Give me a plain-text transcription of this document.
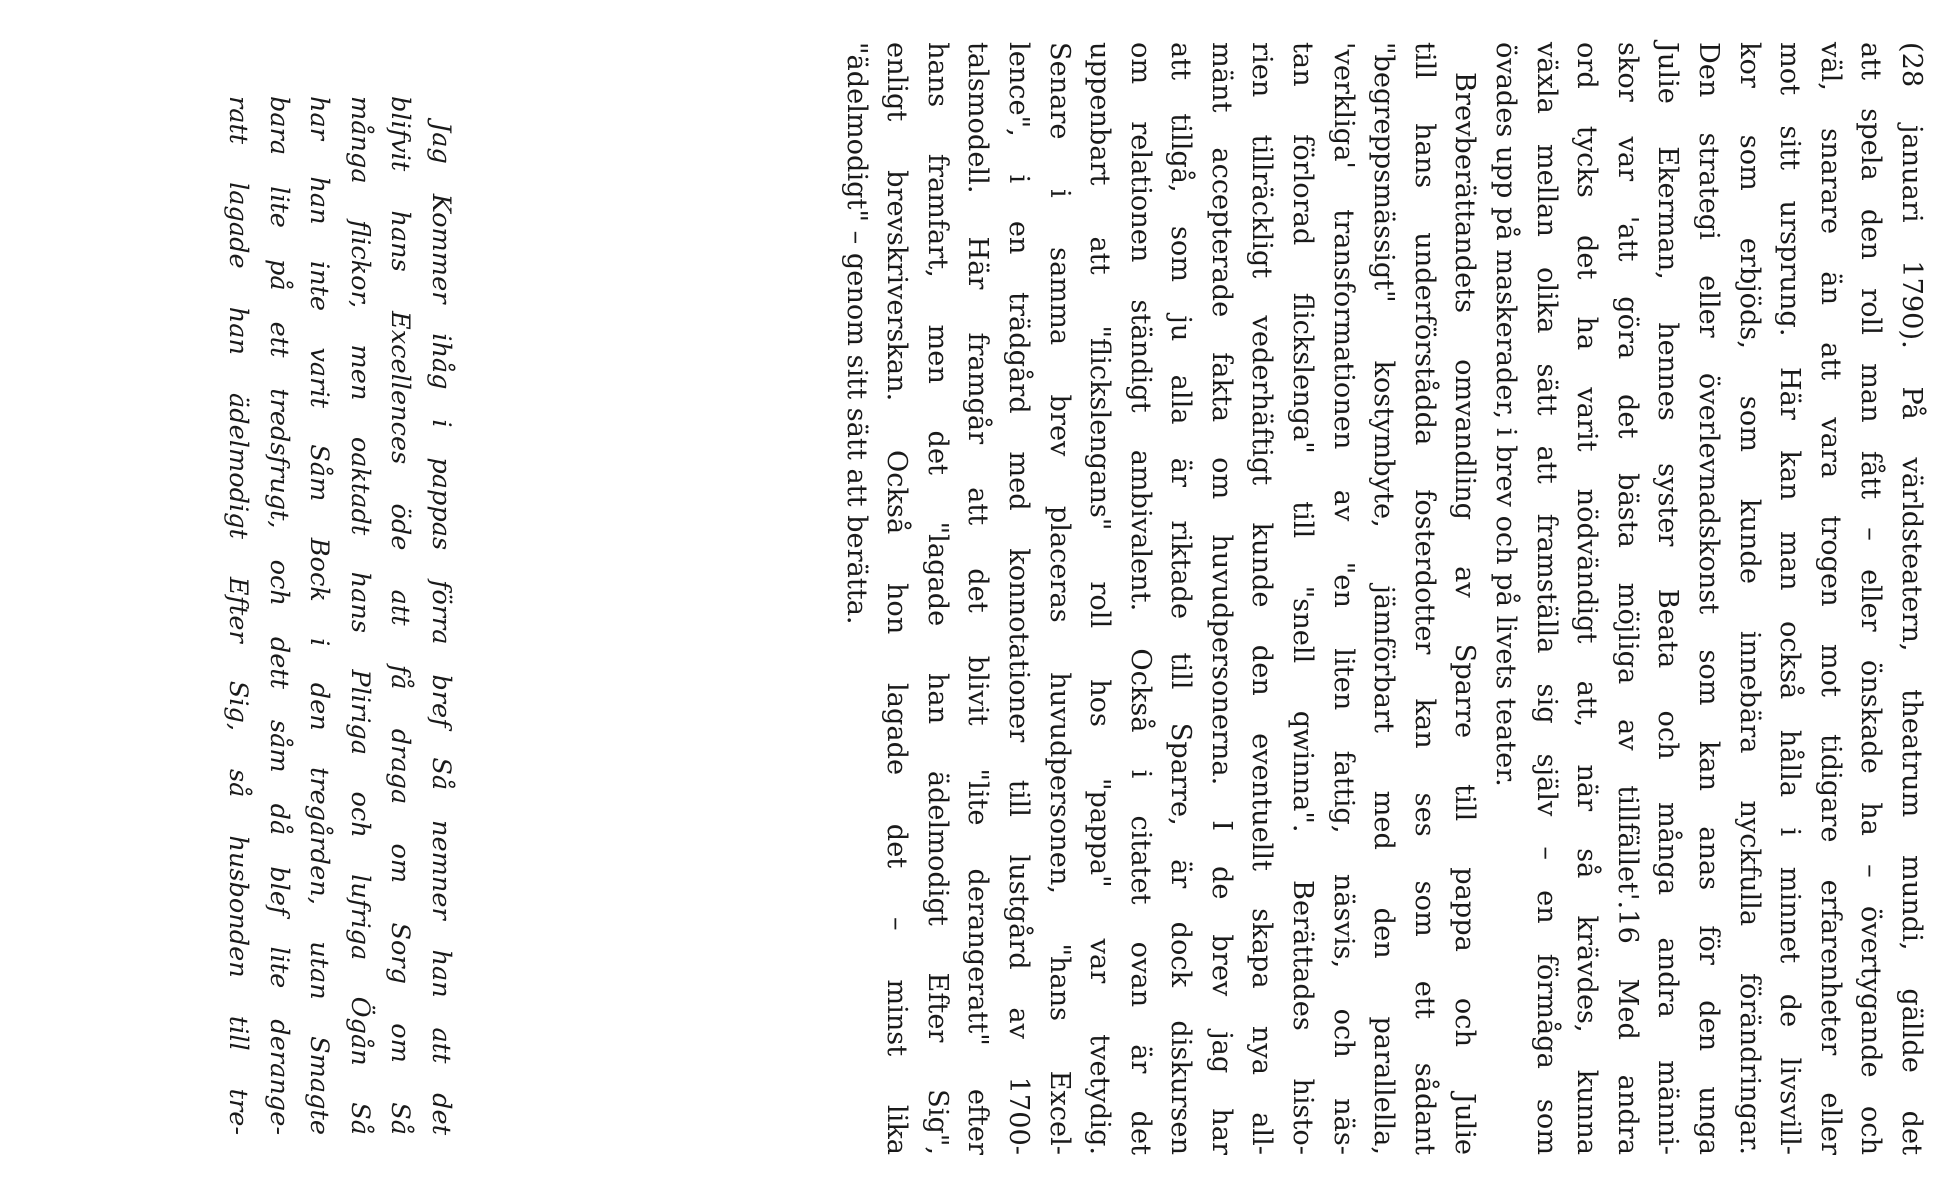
(28 januari 1790). På världsteatern, theatrum mundi, gällde det
att spela den roll man fått – eller önskade ha – övertygande och
väl, snarare än att vara trogen mot tidigare erfarenheter eller
mot sitt ursprung. Här kan man också hålla i minnet de livsvill-
kor som erbjöds, som kunde innebära nyckfulla förändringar.
Den strategi eller överlevnadskonst som kan anas för den unga
Julie Ekerman, hennes syster Beata och många andra männi-
skor var 'att göra det bästa möjliga av tillfället'.16 Med andra
ord tycks det ha varit nödvändigt att, när så krävdes, kunna
växla mellan olika sätt att framställa sig själv – en förmåga som
övades upp på maskerader, i brev och på livets teater.

Brevberättandets omvandling av Sparre till pappa och Julie
till hans underförstådda fosterdotter kan ses som ett sådant
"begreppsmässigt" kostymbyte, jämförbart med den parallella,
'verkliga' transformationen av "en liten fattig, näsvis, och näs-
tan förlorad flickslenga" till "snell qwinna". Berättades histo-
rien tillräckligt vederhäftigt kunde den eventuellt skapa nya all-
mänt accepterade fakta om huvudpersonerna. I de brev jag har
att tillgå, som ju alla är riktade till Sparre, är dock diskursen
om relationen ständigt ambivalent. Också i citatet ovan är det
uppenbart att "flickslengans" roll hos "pappa" var tvetydig.
Senare i samma brev placeras huvudpersonen, "hans Excel-
lence", i en trädgård med konnotationer till lustgård av 1700-
talsmodell. Här framgår att det blivit "lite derangeratt" efter
hans framfart, men det "lagade han ädelmodigt Efter Sig",
enligt brevskriverskan. Också hon lagade det – minst lika
"ädelmodigt" – genom sitt sätt att berätta.

Jag Kommer ihåg i pappas förra bref Så nemner han att det
blifvit hans Excellences öde att få draga om Sorg om Så
många flickor, men oaktadt hans Pliriga och lufriga Ögån Så
har han inte varit Såm Bock i den tregården, utan Smagte
bara lite på ett tredsfrugt, och dett såm då blef lite derange-
ratt lagade han ädelmodigt Efter Sig, så husbonden till tre-
